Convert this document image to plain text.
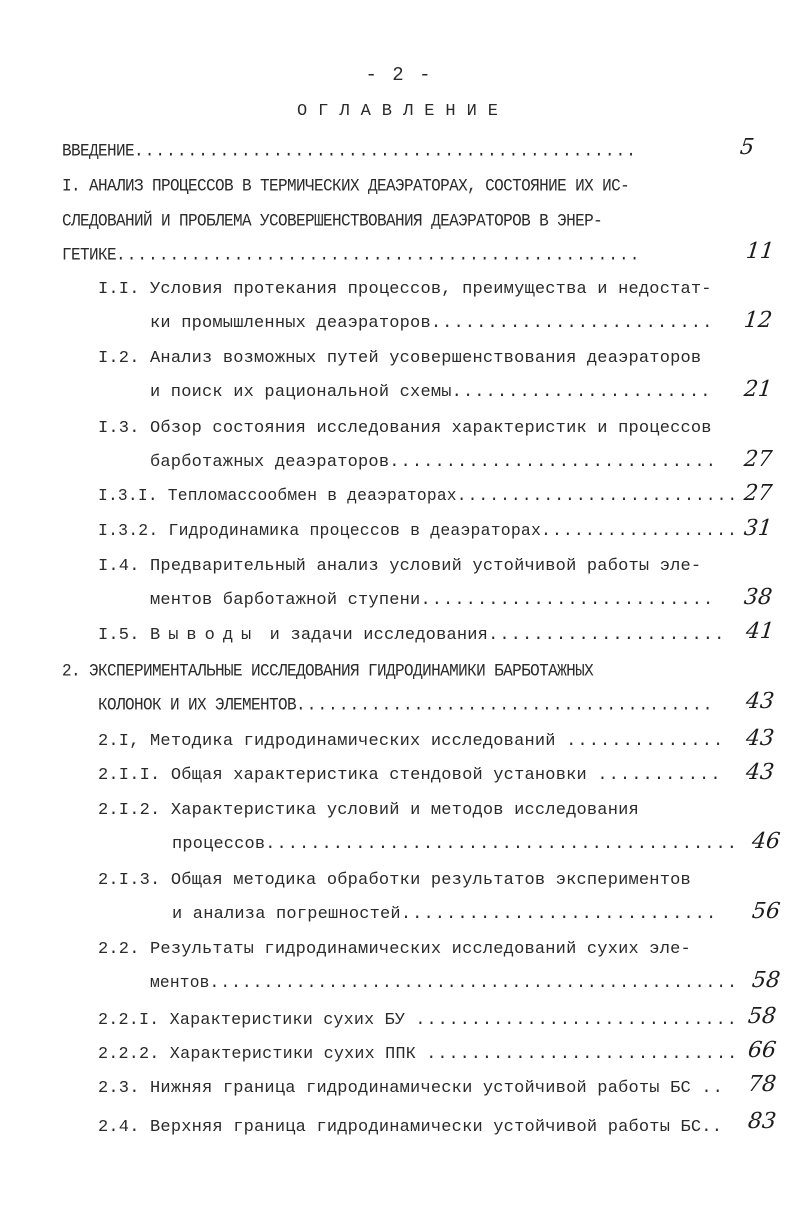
- 2 -
ОГЛАВЛЕНИЕ
ВВЕДЕНИЕ...............................................	5
I. АНАЛИЗ ПРОЦЕССОВ В ТЕРМИЧЕСКИХ ДЕАЭРАТОРАХ, СОСТОЯНИЕ ИХ ИС-
СЛЕДОВАНИЙ И ПРОБЛЕМА УСОВЕРШЕНСТВОВАНИЯ ДЕАЭРАТОРОВ В ЭНЕР-
ГЕТИКЕ.................................................	11
I.I. Условия протекания процессов, преимущества и недостат-
ки промышленных деаэраторов......................... 12
I.2. Анализ возможных путей усовершенствования деаэраторов
и поиск их рациональной схемы....................... 21
I.3. Обзор состояния исследования характеристик и процессов
барботажных деаэраторов............................. 27
I.3.I. Тепломассообмен в деаэраторах.......................... 27
I.3.2. Гидродинамика процессов в деаэраторах.................. 31
I.4. Предварительный анализ условий устойчивой работы эле-
ментов барботажной ступени.......................... 38
I.5. Выводы и задачи исследования..................... 41
2. ЭКСПЕРИМЕНТАЛЬНЫЕ ИССЛЕДОВАНИЯ ГИДРОДИНАМИКИ БАРБОТАЖНЫХ
КОЛОНОК И ИХ ЭЛЕМЕНТОВ....................................... 43
2.I, Методика гидродинамических исследований .............. 43
2.I.I. Общая характеристика стендовой установки ........... 43
2.I.2. Характеристика условий и методов исследования
процессов.......................................... 46
2.I.3. Общая методика обработки результатов экспериментов
и анализа погрешностей............................ 56
2.2. Результаты гидродинамических исследований сухих эле-
ментов................................................. 58
2.2.I. Характеристики сухих БУ ............................. 58
2.2.2. Характеристики сухих ППК ............................ 66
2.3. Нижняя граница гидродинамически устойчивой работы БС .. 78
2.4. Верхняя граница гидродинамически устойчивой работы БС.. 83
